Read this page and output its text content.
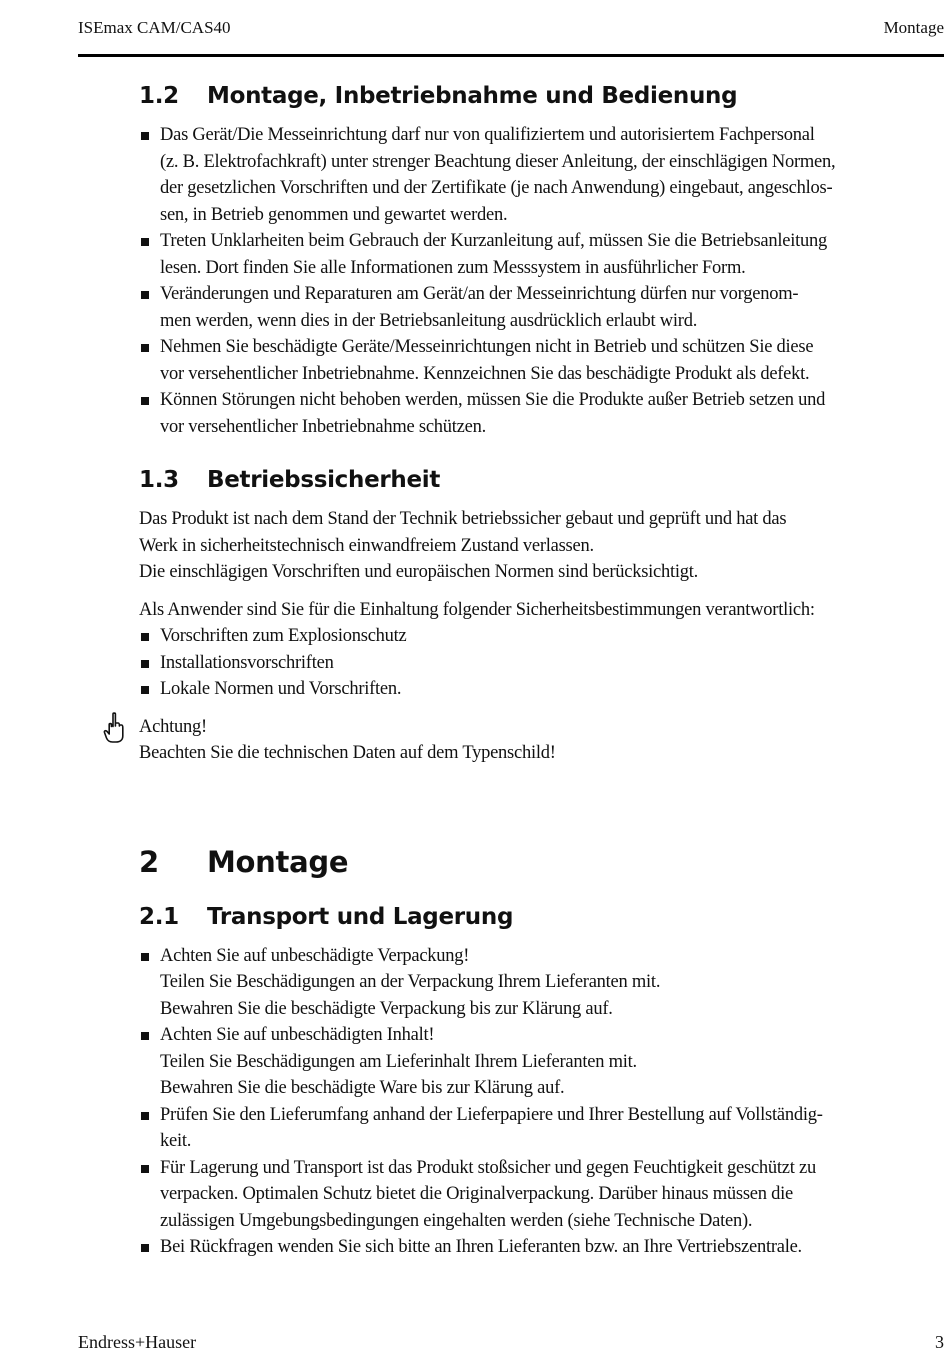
ISEmax CAM/CAS40	Montage
1.2 Montage, Inbetriebnahme und Bedienung
Das Gerät/Die Messeinrichtung darf nur von qualifiziertem und autorisiertem Fachpersonal
(z. B. Elektrofachkraft) unter strenger Beachtung dieser Anleitung, der einschlägigen Normen,
der gesetzlichen Vorschriften und der Zertifikate (je nach Anwendung) eingebaut, angeschlos-
sen, in Betrieb genommen und gewartet werden.
Treten Unklarheiten beim Gebrauch der Kurzanleitung auf, müssen Sie die Betriebsanleitung
lesen. Dort finden Sie alle Informationen zum Messsystem in ausführlicher Form.
Veränderungen und Reparaturen am Gerät/an der Messeinrichtung dürfen nur vorgenom-
men werden, wenn dies in der Betriebsanleitung ausdrücklich erlaubt wird.
Nehmen Sie beschädigte Geräte/Messeinrichtungen nicht in Betrieb und schützen Sie diese
vor versehentlicher Inbetriebnahme. Kennzeichnen Sie das beschädigte Produkt als defekt.
Können Störungen nicht behoben werden, müssen Sie die Produkte außer Betrieb setzen und
vor versehentlicher Inbetriebnahme schützen.
1.3 Betriebssicherheit

Das Produkt ist nach dem Stand der Technik betriebssicher gebaut und geprüft und hat das
Werk in sicherheitstechnisch einwandfreiem Zustand verlassen.
Die einschlägigen Vorschriften und europäischen Normen sind berücksichtigt.

Als Anwender sind Sie für die Einhaltung folgender Sicherheitsbestimmungen verantwortlich:

Vorschriften zum Explosionschutz
Installationsvorschriften
Lokale Normen und Vorschriften.

Achtung!

Beachten Sie die technischen Daten auf dem Typenschild!

2 Montage
2.1 Transport und Lagerung
Achten Sie auf unbeschädigte Verpackung!
Teilen Sie Beschädigungen an der Verpackung Ihrem Lieferanten mit.
Bewahren Sie die beschädigte Verpackung bis zur Klärung auf.
Achten Sie auf unbeschädigten Inhalt!
Teilen Sie Beschädigungen am Lieferinhalt Ihrem Lieferanten mit.
Bewahren Sie die beschädigte Ware bis zur Klärung auf.
Prüfen Sie den Lieferumfang anhand der Lieferpapiere und Ihrer Bestellung auf Vollständig-
keit.
Für Lagerung und Transport ist das Produkt stoßsicher und gegen Feuchtigkeit geschützt zu
verpacken. Optimalen Schutz bietet die Originalverpackung. Darüber hinaus müssen die
zulässigen Umgebungsbedingungen eingehalten werden (siehe Technische Daten).
Bei Rückfragen wenden Sie sich bitte an Ihren Lieferanten bzw. an Ihre Vertriebszentrale.
Endress+Hauser	3
